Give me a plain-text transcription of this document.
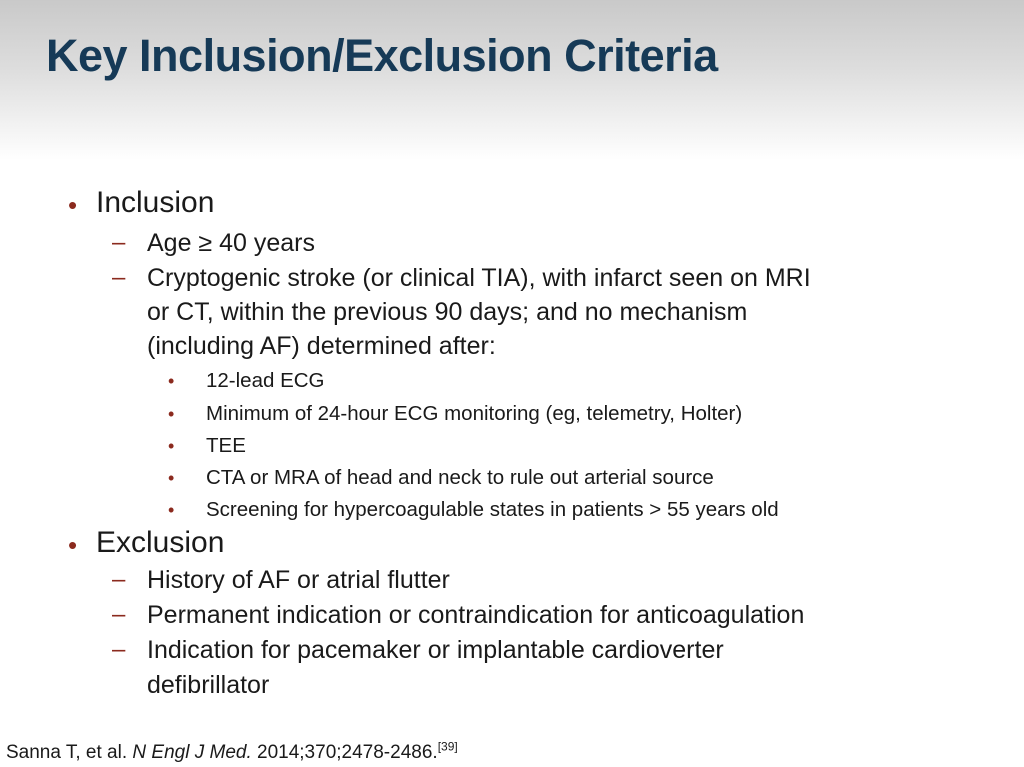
Key Inclusion/Exclusion Criteria
• Inclusion
– Age ≥ 40 years
– Cryptogenic stroke (or clinical TIA), with infarct seen on MRI
or CT, within the previous 90 days; and no mechanism
(including AF) determined after:
• 12-lead ECG
• Minimum of 24-hour ECG monitoring (eg, telemetry, Holter)
• TEE
• CTA or MRA of head and neck to rule out arterial source
• Screening for hypercoagulable states in patients > 55 years old
• Exclusion
– History of AF or atrial flutter
– Permanent indication or contraindication for anticoagulation
– Indication for pacemaker or implantable cardioverter
defibrillator
Sanna T, et al. N Engl J Med. 2014;370;2478-2486.[39]
